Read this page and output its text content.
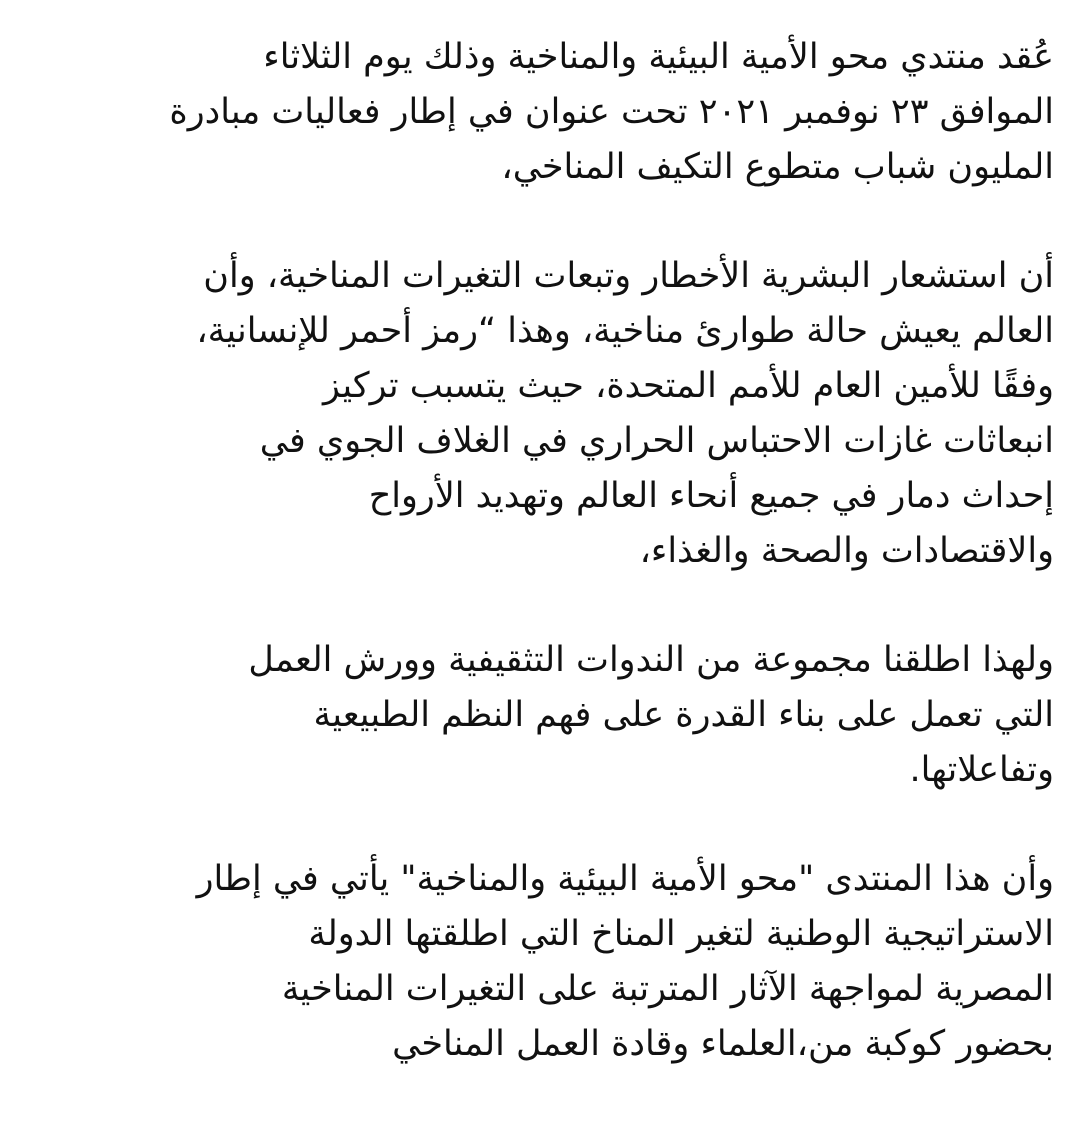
عُقد منتدي محو الأمية البيئية والمناخية وذلك يوم الثلاثاء
الموافق ٢٣ نوفمبر ٢٠٢١ تحت عنوان في إطار فعاليات مبادرة
المليون شباب متطوع التكيف المناخي،

أن استشعار البشرية الأخطار وتبعات التغيرات المناخية، وأن
العالم يعيش حالة طوارئ مناخية، وهذا “رمز أحمر للإنسانية،
وفقًا للأمين العام للأمم المتحدة، حيث يتسبب تركيز
انبعاثات غازات الاحتباس الحراري في الغلاف الجوي في
إحداث دمار في جميع أنحاء العالم وتهديد الأرواح
والاقتصادات والصحة والغذاء،

ولهذا اطلقنا مجموعة من الندوات التثقيفية وورش العمل
التي تعمل على بناء القدرة على فهم النظم الطبيعية
وتفاعلاتها.

وأن هذا المنتدى "محو الأمية البيئية والمناخية" يأتي في إطار
الاستراتيجية الوطنية لتغير المناخ التي اطلقتها الدولة
المصرية لمواجهة الآثار المترتبة على التغيرات المناخية
بحضور كوكبة من،العلماء وقادة العمل المناخي
